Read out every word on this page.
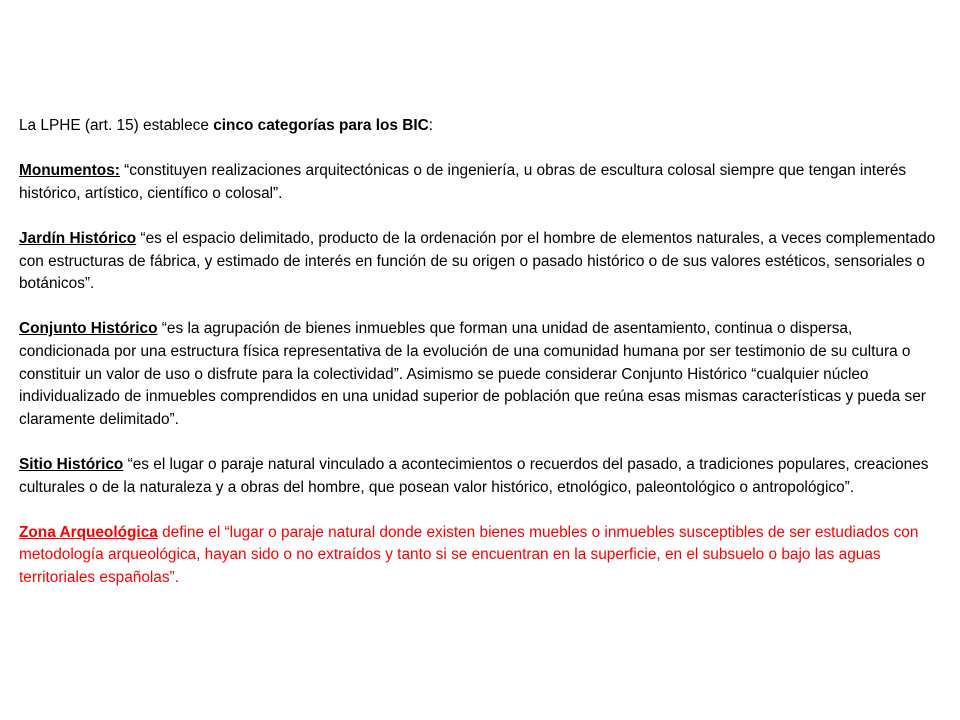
La LPHE (art. 15) establece cinco categorías para los BIC:

Monumentos: “constituyen realizaciones arquitectónicas o de ingeniería, u obras de escultura colosal siempre que tengan interés histórico, artístico, científico o colosal”.

Jardín Histórico “es el espacio delimitado, producto de la ordenación por el hombre de elementos naturales, a veces complementado con estructuras de fábrica, y estimado de interés en función de su origen o pasado histórico o de sus valores estéticos, sensoriales o botánicos”.

Conjunto Histórico “es la agrupación de bienes inmuebles que forman una unidad de asentamiento, continua o dispersa, condicionada por una estructura física representativa de la evolución de una comunidad humana por ser testimonio de su cultura o constituir un valor de uso o disfrute para la colectividad”. Asimismo se puede considerar Conjunto Histórico “cualquier núcleo individualizado de inmuebles comprendidos en una unidad superior de población que reúna esas mismas características y pueda ser claramente delimitado”.

Sitio Histórico “es el lugar o paraje natural vinculado a acontecimientos o recuerdos del pasado, a tradiciones populares, creaciones culturales o de la naturaleza y a obras del hombre, que posean valor histórico, etnológico, paleontológico o antropológico”.

Zona Arqueológica define el “lugar o paraje natural donde existen bienes muebles o inmuebles susceptibles de ser estudiados con metodología arqueológica, hayan sido o no extraídos y tanto si se encuentran en la superficie, en el subsuelo o bajo las aguas territoriales españolas”.
